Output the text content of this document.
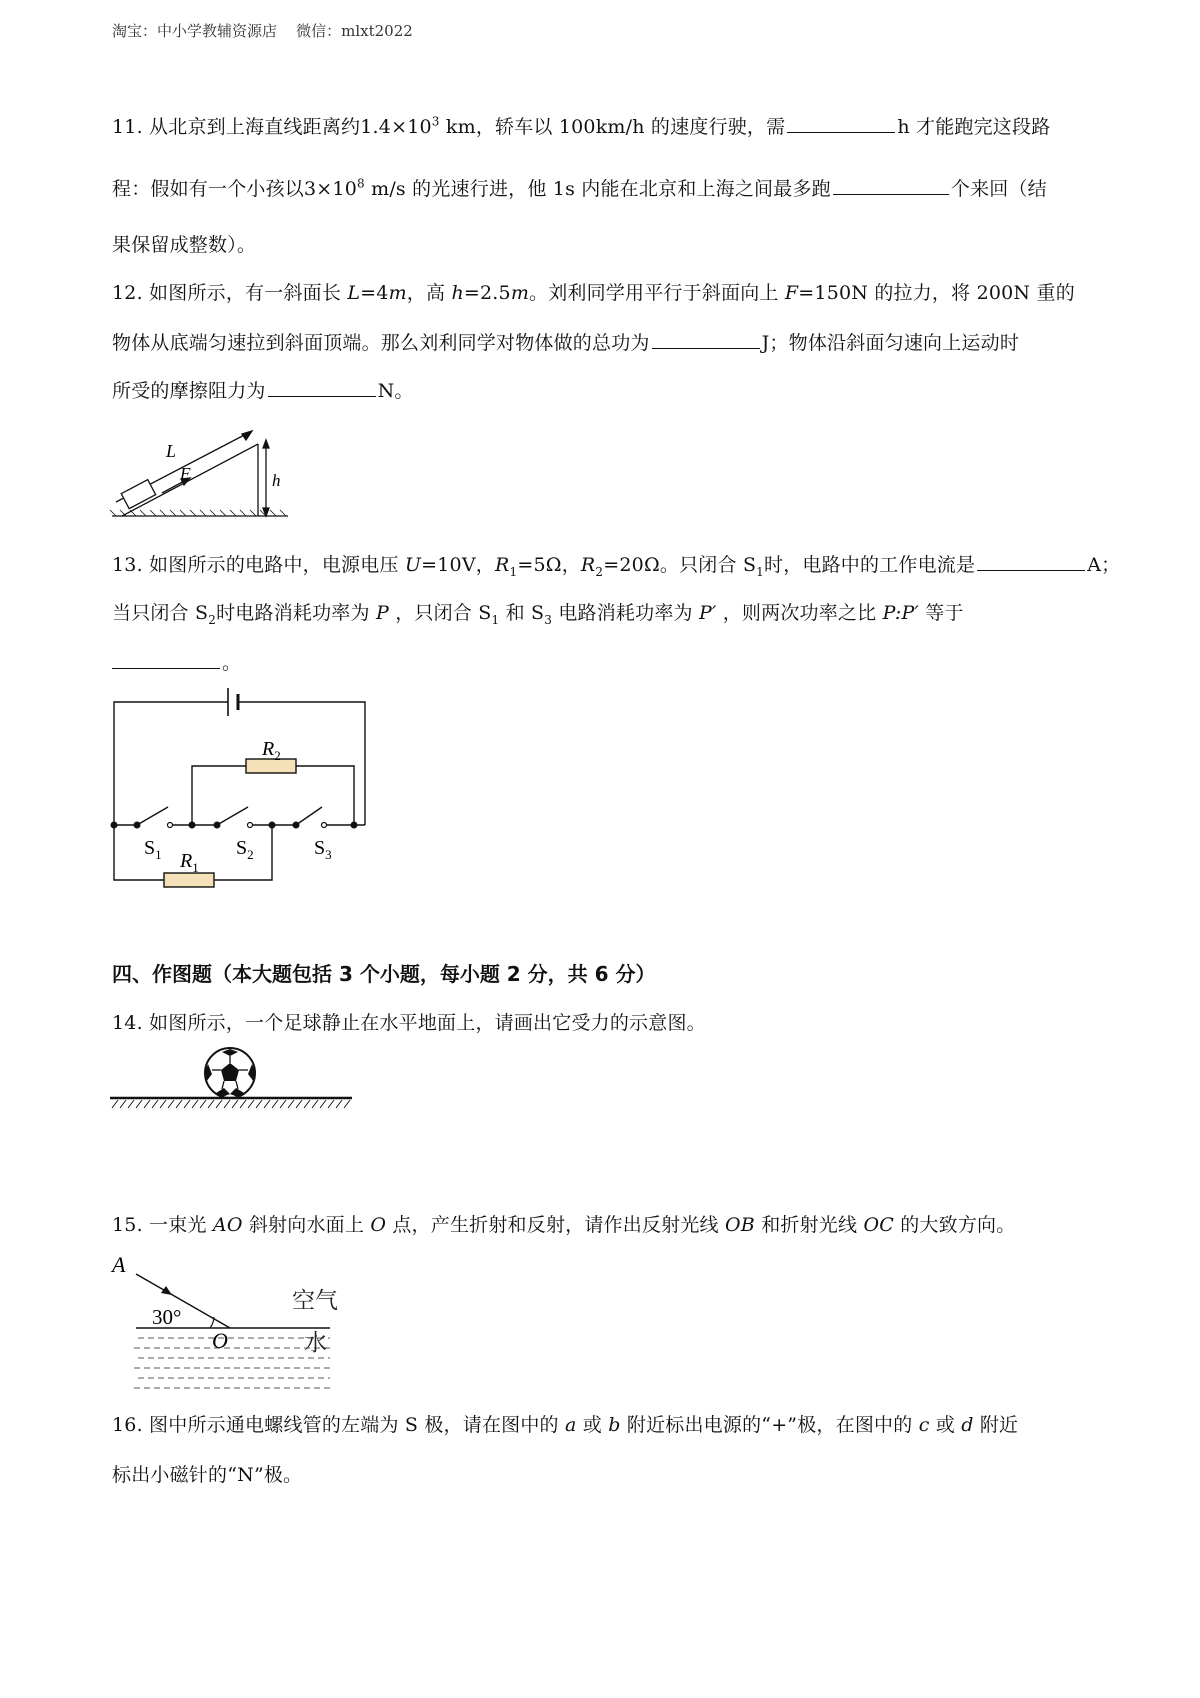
淘宝：中小学教辅资源店 微信：mlxt2022
11. 从北京到上海直线距离约$1.4\times 10^3$ km，轿车以 100km/h 的速度行驶，需	h 才能跑完这段路
程：假如有一个小孩以$3\times 10^8$ m/s 的光速行进，他 1s 内能在北京和上海之间最多跑	个来回（结
果保留成整数）。
12. 如图所示，有一斜面长 L=4m，高 h=2.5m。刘利同学用平行于斜面向上 F=150N 的拉力，将 200N 重的
物体从底端匀速拉到斜面顶端。那么刘利同学对物体做的总功为	J；物体沿斜面匀速向上运动时
所受的摩擦阻力为	N。
L
F	h
13. 如图所示的电路中，电源电压 U=10V，$R_1=5\Omega$，$R_2=20\Omega$。只闭合 $S_1$时，电路中的工作电流是	A；
当只闭合 $S_2$时电路消耗功率为 P ，只闭合 $S_1$ 和 $S_3$ 电路消耗功率为 P′ ，则两次功率之比 P:P′ 等于
。
$R_2$
$R_1$
$S_1$	$S_2$	$S_3$
四、作图题（本大题包括 3 个小题，每小题 2 分，共 6 分）
14. 如图所示，一个足球静止在水平地面上，请画出它受力的示意图。
15. 一束光 AO 斜射向水面上 O 点，产生折射和反射，请作出反射光线 OB 和折射光线 OC 的大致方向。
A
30°
O
空气
水
16. 图中所示通电螺线管的左端为 S 极，请在图中的 a 或 b 附近标出电源的“+”极，在图中的 c 或 d 附近
标出小磁针的“N”极。
